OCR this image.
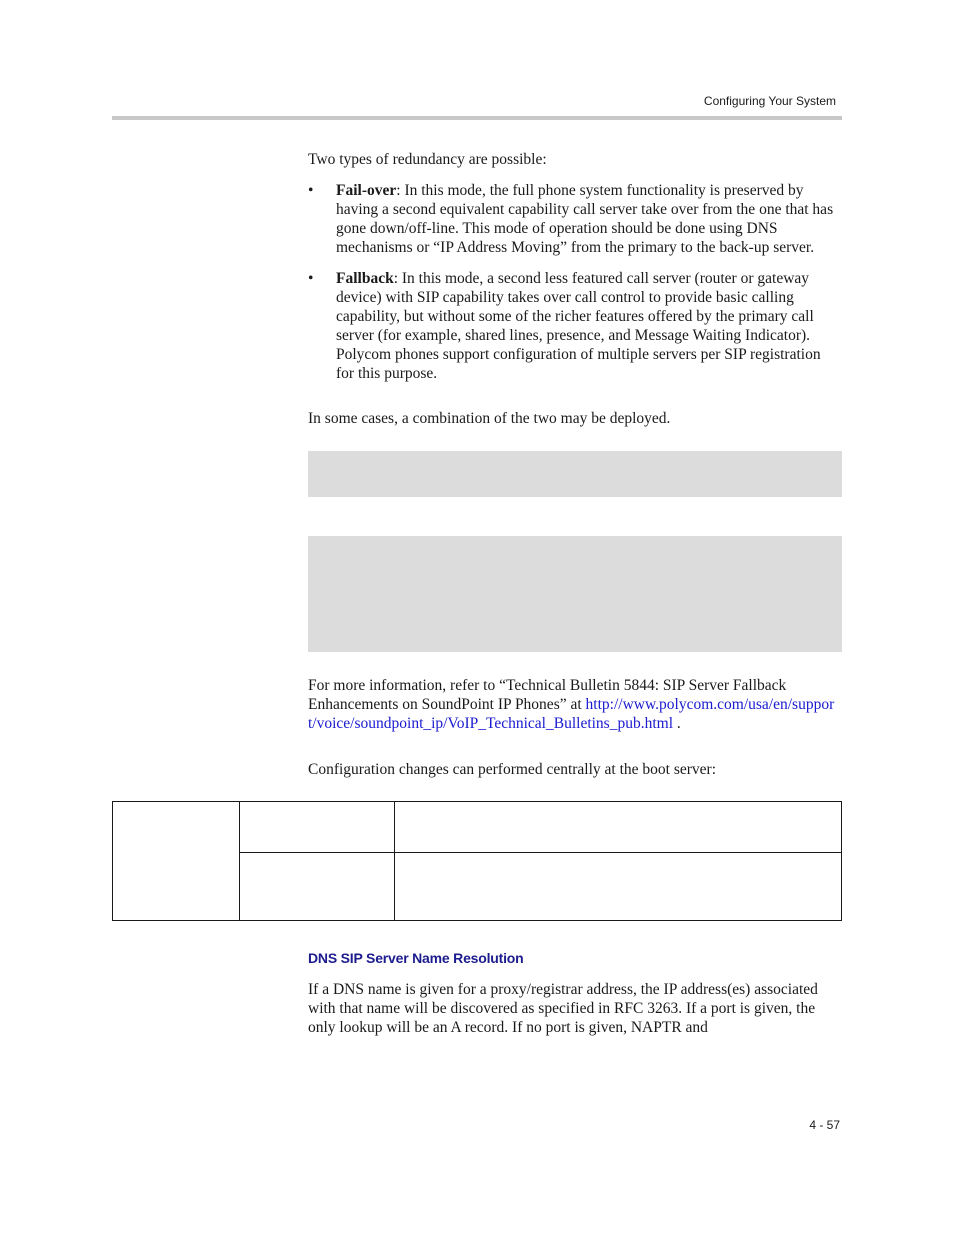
Configuring Your System

Two types of redundancy are possible:

• Fail-over: In this mode, the full phone system functionality is preserved by having a second equivalent capability call server take over from the one that has gone down/off-line. This mode of operation should be done using DNS mechanisms or “IP Address Moving” from the primary to the back-up server.
• Fallback: In this mode, a second less featured call server (router or gateway device) with SIP capability takes over call control to provide basic calling capability, but without some of the richer features offered by the primary call server (for example, shared lines, presence, and Message Waiting Indicator). Polycom phones support configuration of multiple servers per SIP registration for this purpose.

In some cases, a combination of the two may be deployed.

For more information, refer to “Technical Bulletin 5844: SIP Server Fallback Enhancements on SoundPoint IP Phones” at http://www.polycom.com/usa/en/support/voice/soundpoint_ip/VoIP_Technical_Bulletins_pub.html .

Configuration changes can performed centrally at the boot server:

DNS SIP Server Name Resolution

If a DNS name is given for a proxy/registrar address, the IP address(es) associated with that name will be discovered as specified in RFC 3263. If a port is given, the only lookup will be an A record. If no port is given, NAPTR and

4 - 57
